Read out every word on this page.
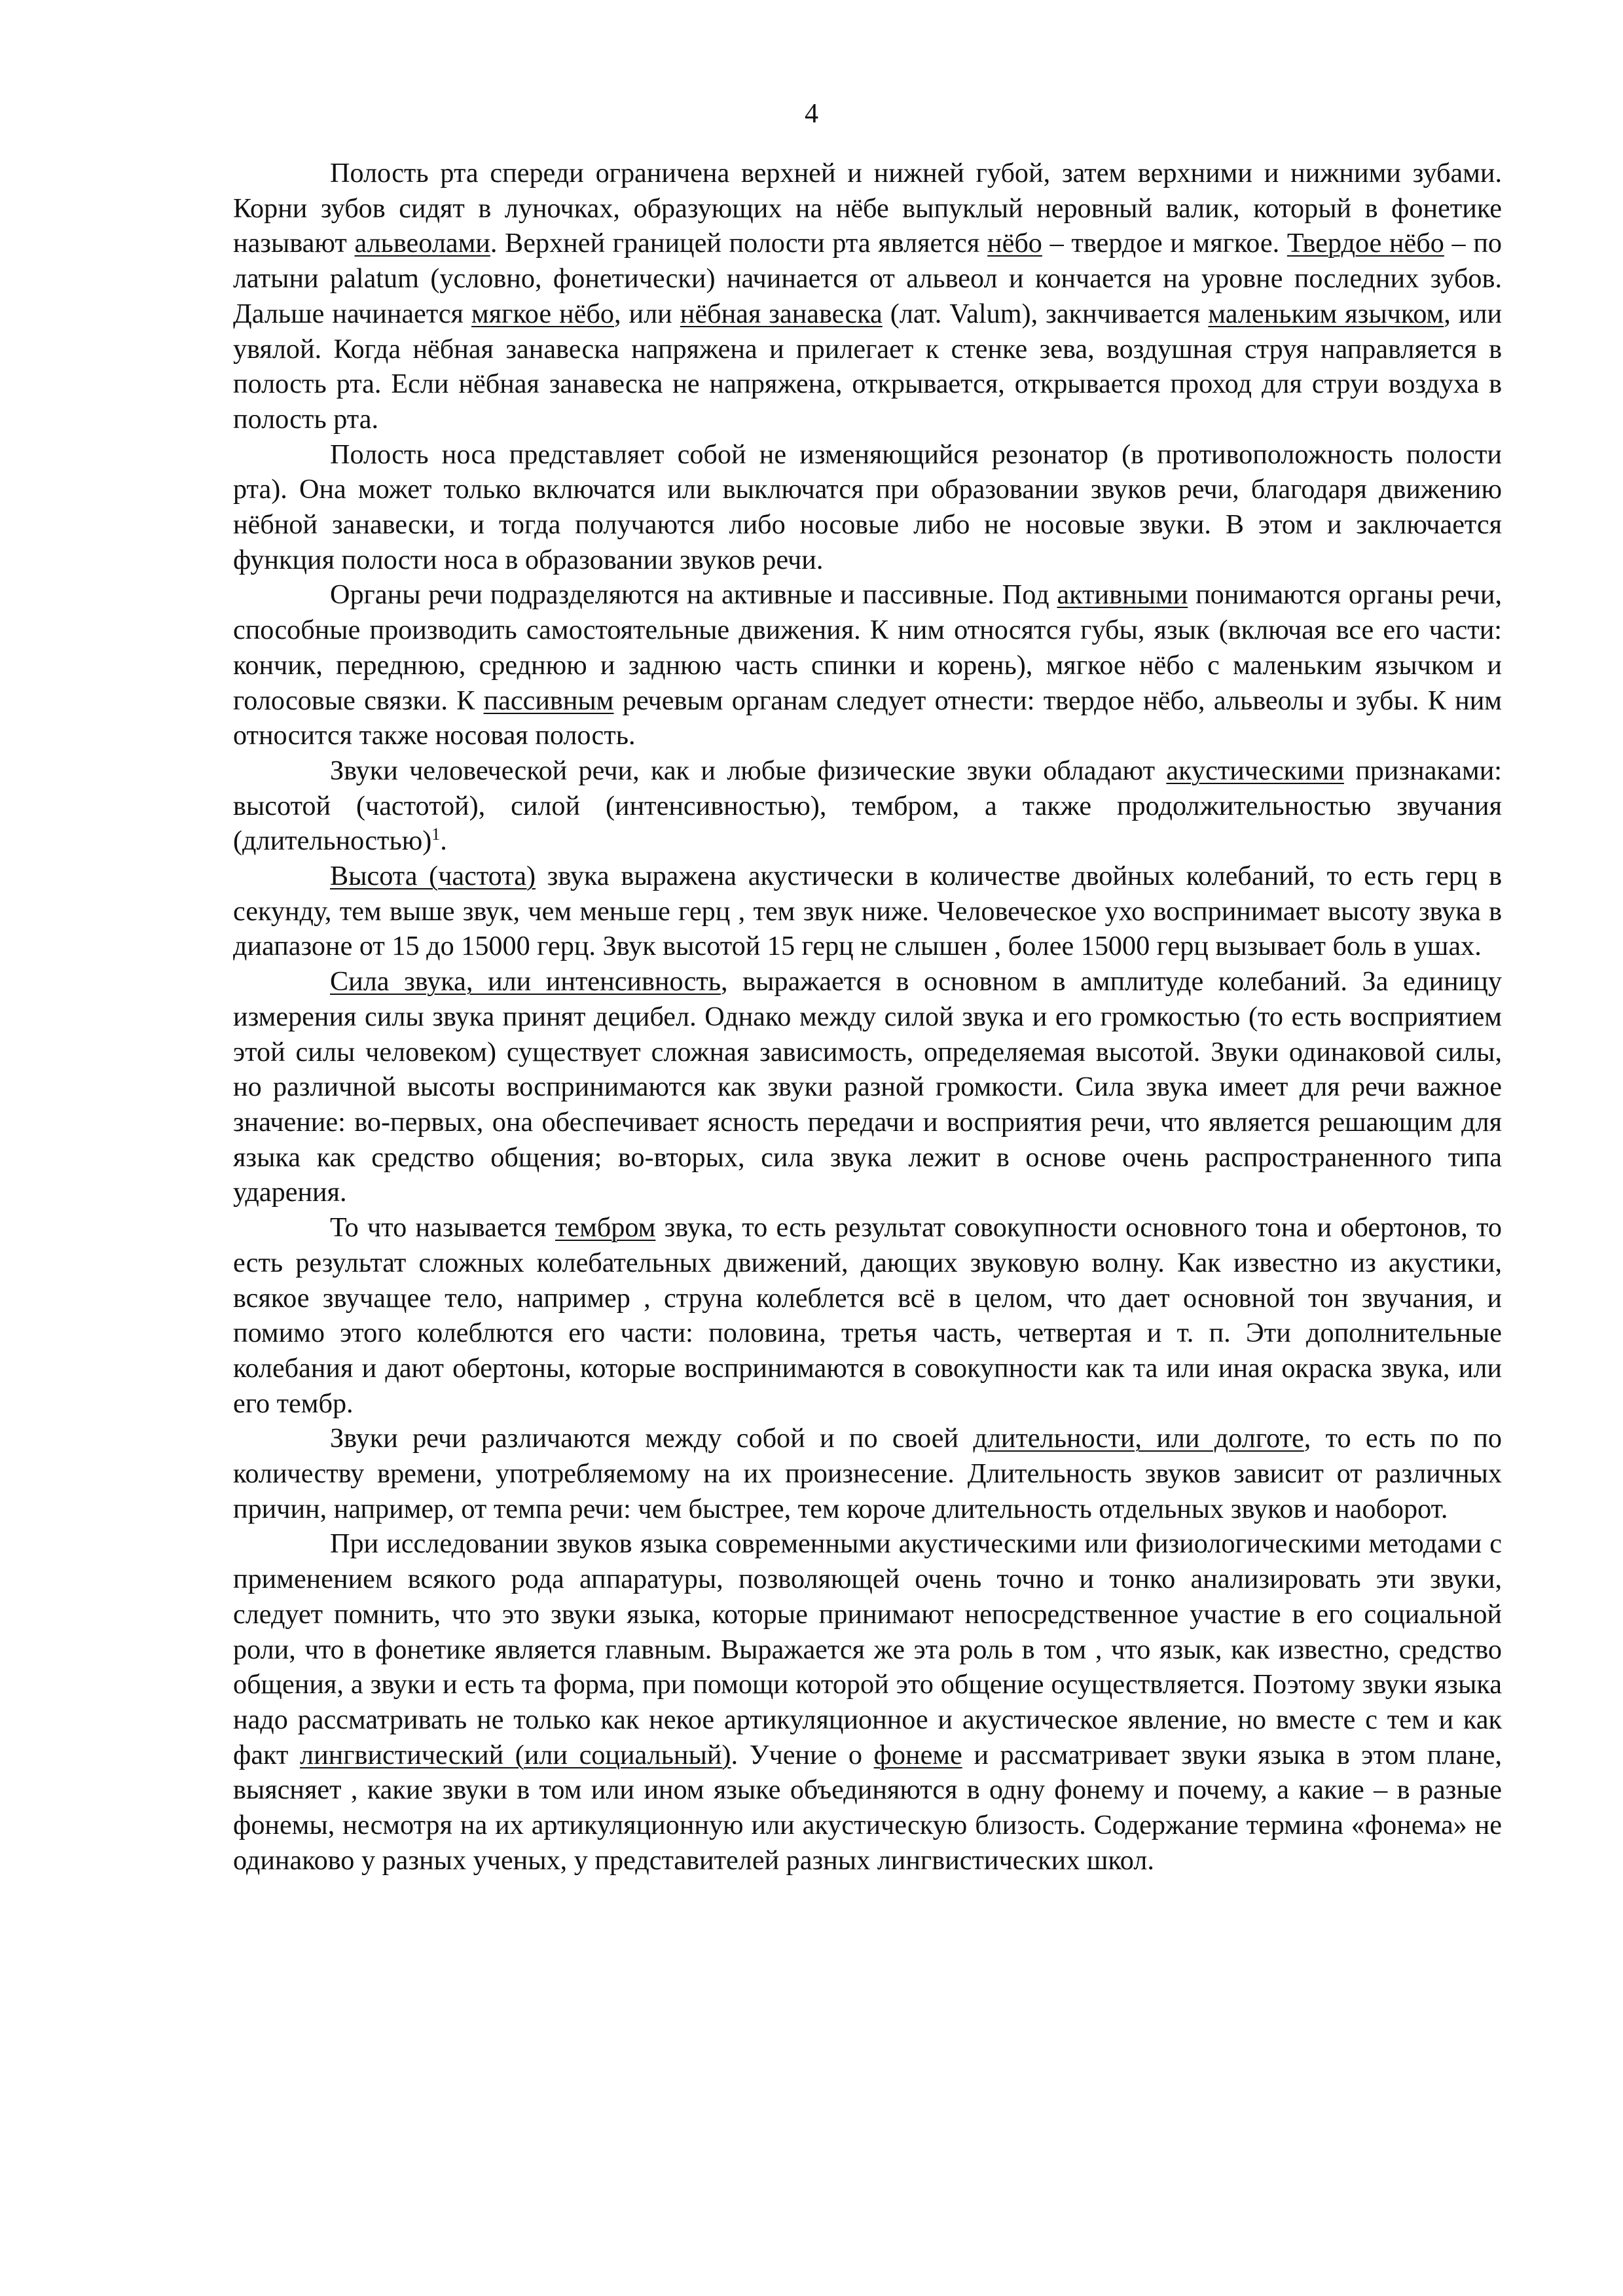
4

Полость рта спереди ограничена верхней и нижней губой, затем верхними и нижними зубами. Корни зубов сидят в луночках, образующих на нёбе выпуклый неровный валик, который в фонетике называют альвеолами. Верхней границей полости рта является нёбо – твердое и мягкое. Твердое нёбо – по латыни palatum (условно, фонетически) начинается от альвеол и кончается на уровне последних зубов. Дальше начинается мягкое нёбо, или нёбная занавеска (лат. Valum), закнчивается маленьким язычком, или увялой. Когда нёбная занавеска напряжена и прилегает к стенке зева, воздушная струя направляется в полость рта. Если нёбная занавеска не напряжена, открывается, открывается проход для струи воздуха в полость рта.

Полость носа представляет собой не изменяющийся резонатор (в противоположность полости рта). Она может только включатся или выключатся при образовании звуков речи, благодаря движению нёбной занавески, и тогда получаются либо носовые либо не носовые звуки. В этом и заключается функция полости носа в образовании звуков речи.

Органы речи подразделяются на активные и пассивные. Под активными понимаются органы речи, способные производить самостоятельные движения. К ним относятся губы, язык (включая все его части: кончик, переднюю, среднюю и заднюю часть спинки и корень), мягкое нёбо с маленьким язычком и голосовые связки. К пассивным речевым органам следует отнести: твердое нёбо, альвеолы и зубы. К ним относится также носовая полость.

Звуки человеческой речи, как и любые физические звуки обладают акустическими признаками: высотой (частотой), силой (интенсивностью), тембром, а также продолжительностью звучания (длительностью)$^1$.

Высота (частота) звука выражена акустически в количестве двойных колебаний, то есть герц в секунду, тем выше звук, чем меньше герц , тем звук ниже. Человеческое ухо воспринимает высоту звука в диапазоне от 15 до 15000 герц. Звук высотой 15 герц не слышен , более 15000 герц вызывает боль в ушах.

Сила звука, или интенсивность, выражается в основном в амплитуде колебаний. За единицу измерения силы звука принят децибел. Однако между силой звука и его громкостью (то есть восприятием этой силы человеком) существует сложная зависимость, определяемая высотой. Звуки одинаковой силы, но различной высоты воспринимаются как звуки разной громкости. Сила звука имеет для речи важное значение: во-первых, она обеспечивает ясность передачи и восприятия речи, что является решающим для языка как средство общения; во-вторых, сила звука лежит в основе очень распространенного типа ударения.

То что называется тембром звука, то есть результат совокупности основного тона и обертонов, то есть результат сложных колебательных движений, дающих звуковую волну. Как известно из акустики, всякое звучащее тело, например , струна колеблется всё в целом, что дает основной тон звучания, и помимо этого колеблются его части: половина, третья часть, четвертая и т. п. Эти дополнительные колебания и дают обертоны, которые воспринимаются в совокупности как та или иная окраска звука, или его тембр.

Звуки речи различаются между собой и по своей длительности, или долготе, то есть по по количеству времени, употребляемому на их произнесение. Длительность звуков зависит от различных причин, например, от темпа речи: чем быстрее, тем короче длительность отдельных звуков и наоборот.

При исследовании звуков языка современными акустическими или физиологическими методами с применением всякого рода аппаратуры, позволяющей очень точно и тонко анализировать эти звуки, следует помнить, что это звуки языка, которые принимают непосредственное участие в его социальной роли, что в фонетике является главным. Выражается же эта роль в том , что язык, как известно, средство общения, а звуки и есть та форма, при помощи которой это общение осуществляется. Поэтому звуки языка надо рассматривать не только как некое артикуляционное и акустическое явление, но вместе с тем и как факт лингвистический (или социальный). Учение о фонеме и рассматривает звуки языка в этом плане, выясняет , какие звуки в том или ином языке объединяются в одну фонему и почему, а какие – в разные фонемы, несмотря на их артикуляционную или акустическую близость. Содержание термина «фонема» не одинаково у разных ученых, у представителей разных лингвистических школ.
